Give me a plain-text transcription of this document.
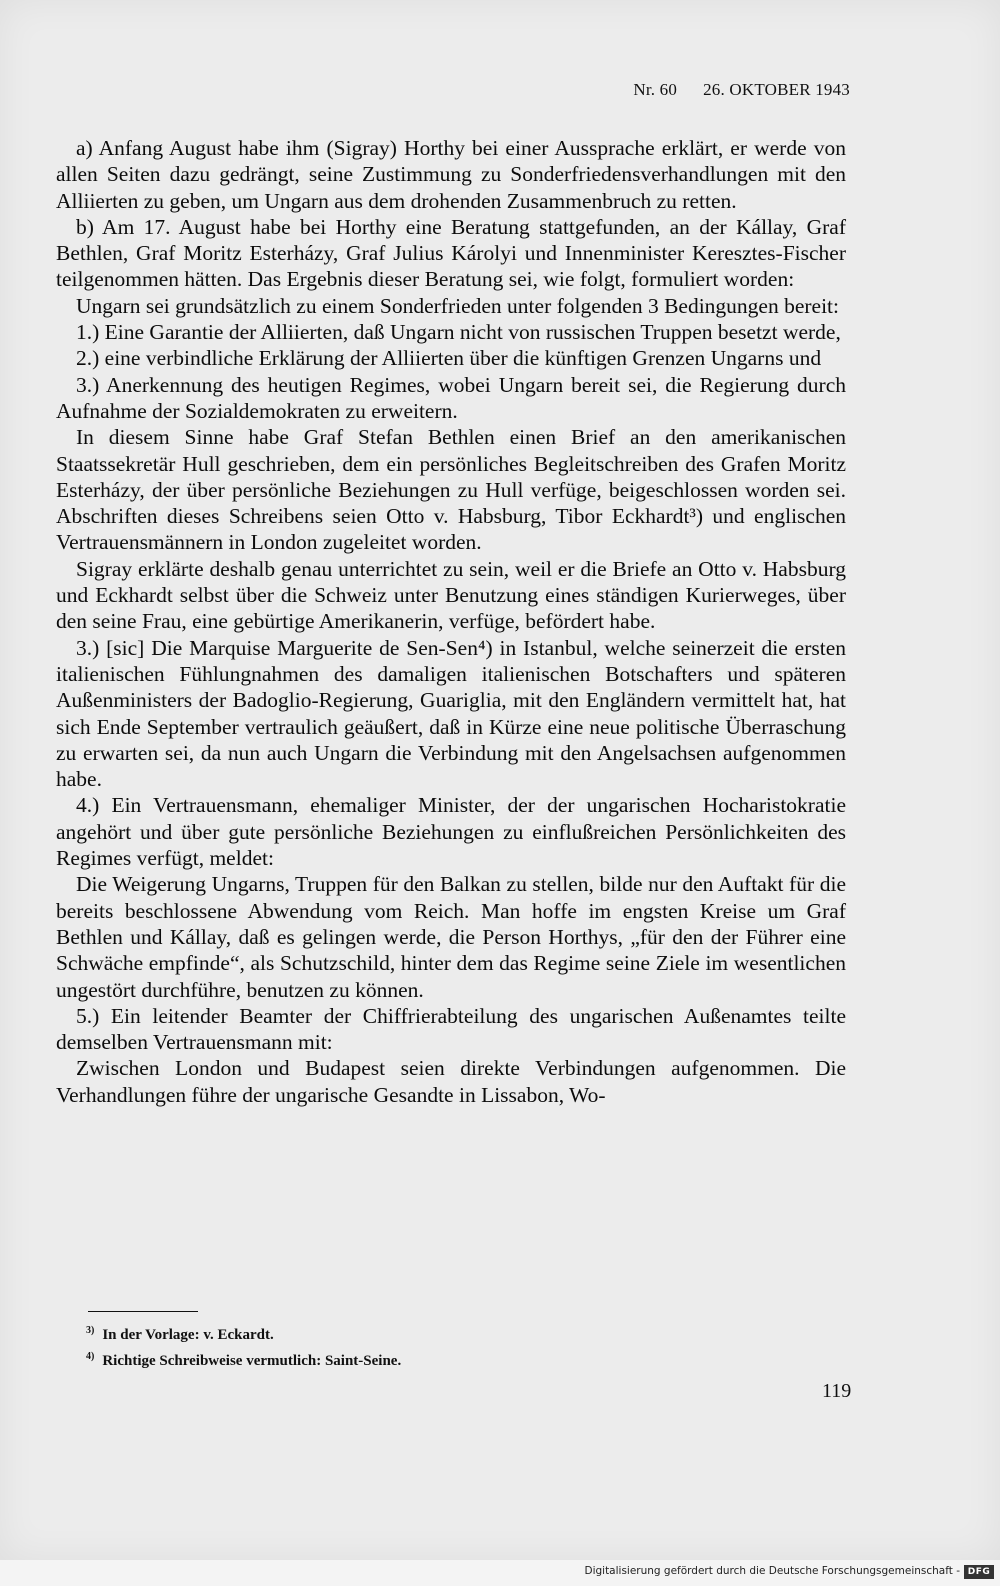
Nr. 60 26. OKTOBER 1943

a) Anfang August habe ihm (Sigray) Horthy bei einer Aussprache erklärt, er werde von allen Seiten dazu gedrängt, seine Zustimmung zu Sonderfriedensverhandlungen mit den Alliierten zu geben, um Ungarn aus dem drohenden Zusammenbruch zu retten.

b) Am 17. August habe bei Horthy eine Beratung stattgefunden, an der Kállay, Graf Bethlen, Graf Moritz Esterházy, Graf Julius Károlyi und Innenminister Keresztes-Fischer teilgenommen hätten. Das Ergebnis dieser Beratung sei, wie folgt, formuliert worden:

Ungarn sei grundsätzlich zu einem Sonderfrieden unter folgenden 3 Bedingungen bereit:

1.) Eine Garantie der Alliierten, daß Ungarn nicht von russischen Truppen besetzt werde,

2.) eine verbindliche Erklärung der Alliierten über die künftigen Grenzen Ungarns und

3.) Anerkennung des heutigen Regimes, wobei Ungarn bereit sei, die Regierung durch Aufnahme der Sozialdemokraten zu erweitern.

In diesem Sinne habe Graf Stefan Bethlen einen Brief an den amerikanischen Staatssekretär Hull geschrieben, dem ein persönliches Begleitschreiben des Grafen Moritz Esterházy, der über persönliche Beziehungen zu Hull verfüge, beigeschlossen worden sei. Abschriften dieses Schreibens seien Otto v. Habsburg, Tibor Eckhardt³) und englischen Vertrauensmännern in London zugeleitet worden.

Sigray erklärte deshalb genau unterrichtet zu sein, weil er die Briefe an Otto v. Habsburg und Eckhardt selbst über die Schweiz unter Benutzung eines ständigen Kurierweges, über den seine Frau, eine gebürtige Amerikanerin, verfüge, befördert habe.

3.) [sic] Die Marquise Marguerite de Sen-Sen⁴) in Istanbul, welche seinerzeit die ersten italienischen Fühlungnahmen des damaligen italienischen Botschafters und späteren Außenministers der Badoglio-Regierung, Guariglia, mit den Engländern vermittelt hat, hat sich Ende September vertraulich geäußert, daß in Kürze eine neue politische Überraschung zu erwarten sei, da nun auch Ungarn die Verbindung mit den Angelsachsen aufgenommen habe.

4.) Ein Vertrauensmann, ehemaliger Minister, der der ungarischen Hocharistokratie angehört und über gute persönliche Beziehungen zu einflußreichen Persönlichkeiten des Regimes verfügt, meldet:

Die Weigerung Ungarns, Truppen für den Balkan zu stellen, bilde nur den Auftakt für die bereits beschlossene Abwendung vom Reich. Man hoffe im engsten Kreise um Graf Bethlen und Kállay, daß es gelingen werde, die Person Horthys, „für den der Führer eine Schwäche empfinde“, als Schutzschild, hinter dem das Regime seine Ziele im wesentlichen ungestört durchführe, benutzen zu können.

5.) Ein leitender Beamter der Chiffrierabteilung des ungarischen Außenamtes teilte demselben Vertrauensmann mit:

Zwischen London und Budapest seien direkte Verbindungen aufgenommen. Die Verhandlungen führe der ungarische Gesandte in Lissabon, Wo-

$^{3)}$ In der Vorlage: v. Eckardt.
$^{4)}$ Richtige Schreibweise vermutlich: Saint-Seine.
119
Digitalisierung gefördert durch die Deutsche Forschungsgemeinschaft - DFG
